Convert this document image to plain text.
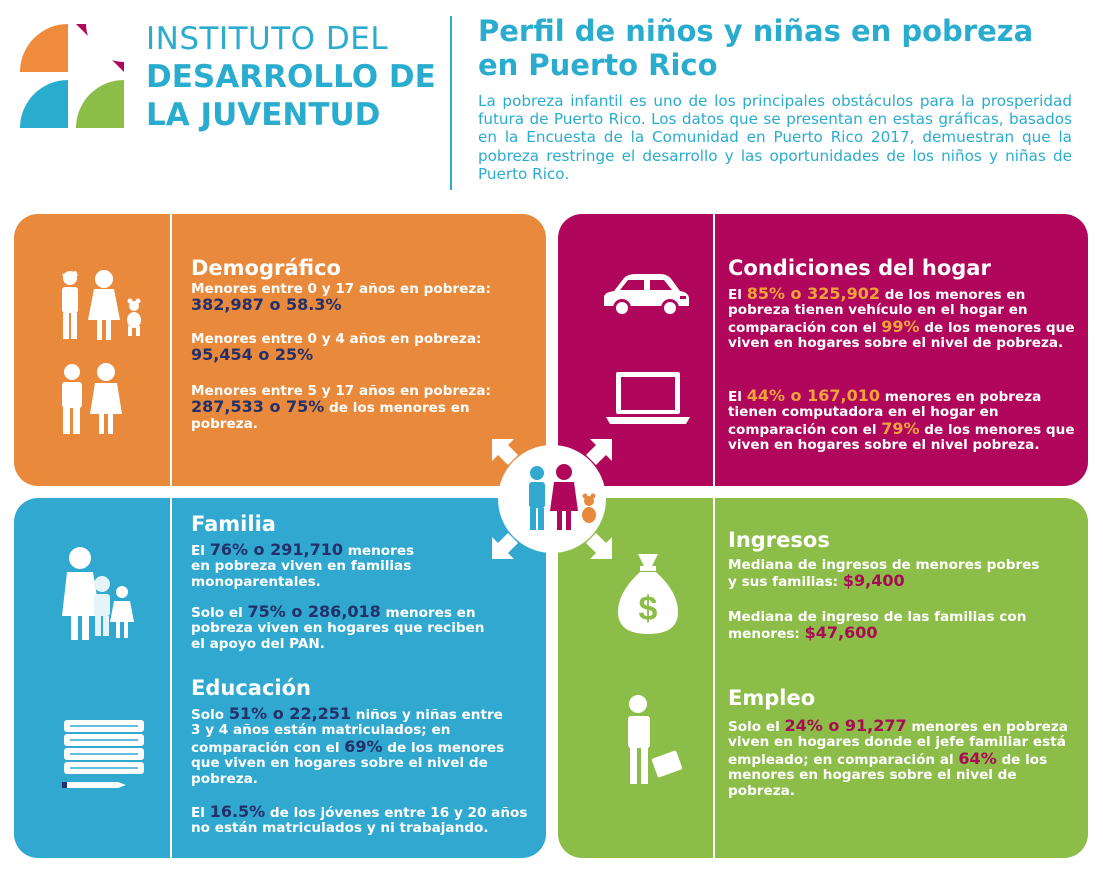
INSTITUTO DEL
DESARROLLO DE
LA JUVENTUD
Perfil de niños y niñas en pobreza en Puerto Rico
La pobreza infantil es uno de los principales obstáculos para la prosperidad futura de Puerto Rico. Los datos que se presentan en estas gráficas, basados en la Encuesta de la Comunidad en Puerto Rico 2017, demuestran que la pobreza restringe el desarrollo y las oportunidades de los niños y niñas de Puerto Rico.
Demográfico

Menores entre 0 y 17 años en pobreza:

382,987 o 58.3%

Menores entre 0 y 4 años en pobreza:

95,454 o 25%

Menores entre 5 y 17 años en pobreza:

287,533 o 75% de los menores en pobreza.

Condiciones del hogar
El 85% o 325,902 de los menores en pobreza tienen vehículo en el hogar en comparación con el 99% de los menores que viven en hogares sobre el nivel de pobreza.
El 44% o 167,010 menores en pobreza tienen computadora en el hogar en comparación con el 79% de los menores que viven en hogares sobre el nivel pobreza.
Familia
El 76% o 291,710 menores en pobreza viven en familias monoparentales.
Solo el 75% o 286,018 menores en pobreza viven en hogares que reciben el apoyo del PAN.
Educación
Solo 51% o 22,251 niños y niñas entre 3 y 4 años están matriculados; en comparación con el 69% de los menores que viven en hogares sobre el nivel de pobreza.
El 16.5% de los jóvenes entre 16 y 20 años no están matriculados y ni trabajando.
$
Ingresos
Mediana de ingresos de menores pobres y sus familias: $9,400
Mediana de ingreso de las familias con menores: $47,600
Empleo
Solo el 24% o 91,277 menores en pobreza viven en hogares donde el jefe familiar está empleado; en comparación al 64% de los menores en hogares sobre el nivel de pobreza.
